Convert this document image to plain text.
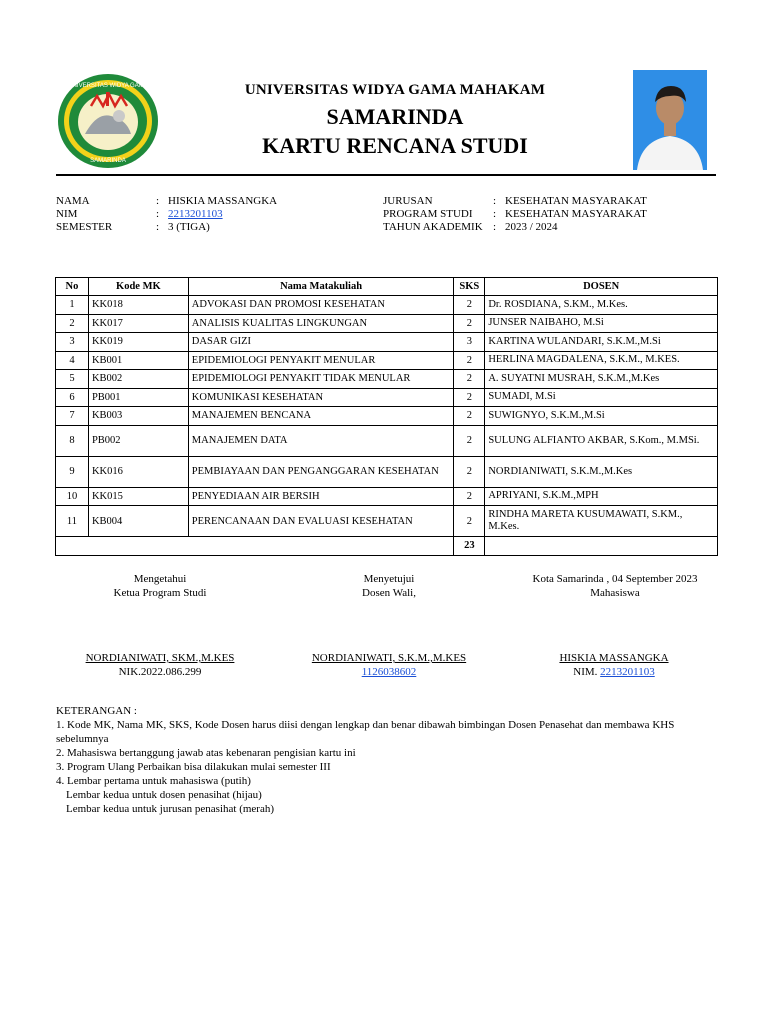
UNIVERSITAS WIDYA GAMA
SAMARINDA
UNIVERSITAS WIDYA GAMA MAHAKAM
SAMARINDA
KARTU RENCANA STUDI
NAMA	: HISKIA MASSANGKA
NIM	: 2213201103
SEMESTER	: 3 (TIGA)
JURUSAN	: KESEHATAN MASYARAKAT
PROGRAM STUDI	: KESEHATAN MASYARAKAT
TAHUN AKADEMIK : 2023 / 2024
No	Kode MK	Nama Matakuliah	SKS	DOSEN
1	KK018	ADVOKASI DAN PROMOSI KESEHATAN	2	Dr. ROSDIANA, S.KM., M.Kes.
2	KK017	ANALISIS KUALITAS LINGKUNGAN	2	JUNSER NAIBAHO, M.Si
3	KK019	DASAR GIZI	3	KARTINA WULANDARI, S.K.M.,M.Si
4	KB001	EPIDEMIOLOGI PENYAKIT MENULAR	2	HERLINA MAGDALENA, S.K.M., M.KES.
5	KB002	EPIDEMIOLOGI PENYAKIT TIDAK MENULAR	2	A. SUYATNI MUSRAH, S.K.M.,M.Kes
6	PB001	KOMUNIKASI KESEHATAN	2	SUMADI, M.Si
7	KB003	MANAJEMEN BENCANA	2	SUWIGNYO, S.K.M.,M.Si
8	PB002	MANAJEMEN DATA	2	SULUNG ALFIANTO AKBAR, S.Kom., M.MSi.
9	KK016	PEMBIAYAAN DAN PENGANGGARAN KESEHATAN	2	NORDIANIWATI, S.K.M.,M.Kes
10	KK015	PENYEDIAAN AIR BERSIH	2	APRIYANI, S.K.M.,MPH
11	KB004	PERENCANAAN DAN EVALUASI KESEHATAN	2	RINDHA MARETA KUSUMAWATI, S.KM., M.Kes.
			23	
Mengetahui
Ketua Program Studi
Menyetujui
Dosen Wali,
Kota Samarinda , 04 September 2023
Mahasiswa
NORDIANIWATI, SKM.,M.KES
NIK.2022.086.299
NORDIANIWATI, S.K.M.,M.KES
1126038602
HISKIA MASSANGKA
NIM. 2213201103
KETERANGAN :
1. Kode MK, Nama MK, SKS, Kode Dosen harus diisi dengan lengkap dan benar dibawah bimbingan Dosen Penasehat dan membawa KHS sebelumnya
2. Mahasiswa bertanggung jawab atas kebenaran pengisian kartu ini
3. Program Ulang Perbaikan bisa dilakukan mulai semester III
4. Lembar pertama untuk mahasiswa (putih)
Lembar kedua untuk dosen penasihat (hijau)
Lembar kedua untuk jurusan penasihat (merah)
